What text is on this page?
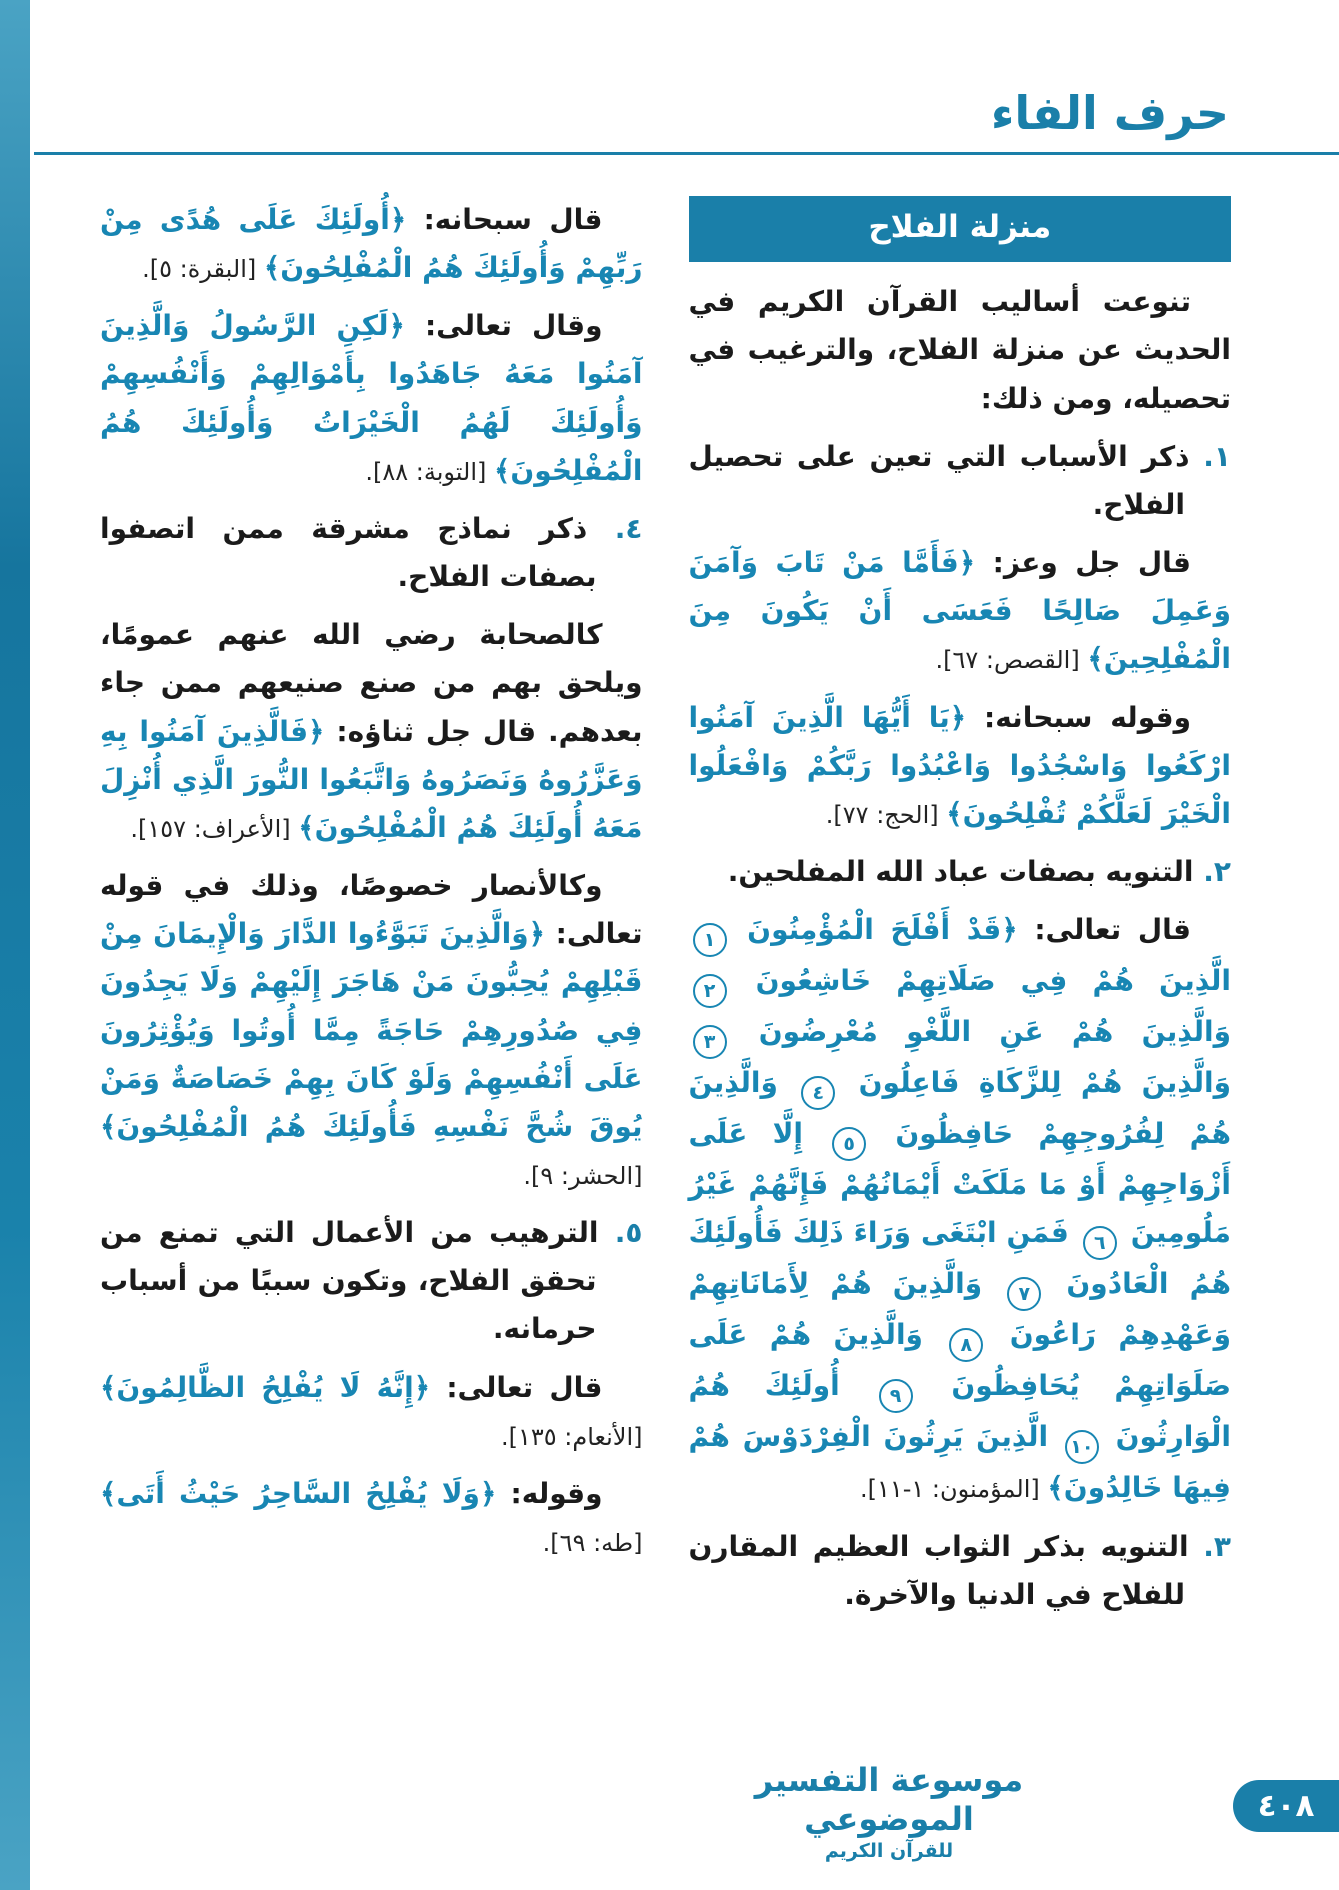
حرف الفاء
منزلة الفلاح

تنوعت أساليب القرآن الكريم في الحديث عن منزلة الفلاح، والترغيب في تحصيله، ومن ذلك:

١. ذكر الأسباب التي تعين على تحصيل الفلاح.

قال جل وعز: ﴿فَأَمَّا مَنْ تَابَ وَآمَنَ وَعَمِلَ صَالِحًا فَعَسَى أَنْ يَكُونَ مِنَ الْمُفْلِحِينَ﴾ [القصص: ٦٧].

وقوله سبحانه: ﴿يَا أَيُّهَا الَّذِينَ آمَنُوا ارْكَعُوا وَاسْجُدُوا وَاعْبُدُوا رَبَّكُمْ وَافْعَلُوا الْخَيْرَ لَعَلَّكُمْ تُفْلِحُونَ﴾ [الحج: ٧٧].

٢. التنويه بصفات عباد الله المفلحين.

قال تعالى: ﴿قَدْ أَفْلَحَ الْمُؤْمِنُونَ ١ الَّذِينَ هُمْ فِي صَلَاتِهِمْ خَاشِعُونَ ٢ وَالَّذِينَ هُمْ عَنِ اللَّغْوِ مُعْرِضُونَ ٣ وَالَّذِينَ هُمْ لِلزَّكَاةِ فَاعِلُونَ ٤ وَالَّذِينَ هُمْ لِفُرُوجِهِمْ حَافِظُونَ ٥ إِلَّا عَلَى أَزْوَاجِهِمْ أَوْ مَا مَلَكَتْ أَيْمَانُهُمْ فَإِنَّهُمْ غَيْرُ مَلُومِينَ ٦ فَمَنِ ابْتَغَى وَرَاءَ ذَلِكَ فَأُولَئِكَ هُمُ الْعَادُونَ ٧ وَالَّذِينَ هُمْ لِأَمَانَاتِهِمْ وَعَهْدِهِمْ رَاعُونَ ٨ وَالَّذِينَ هُمْ عَلَى صَلَوَاتِهِمْ يُحَافِظُونَ ٩ أُولَئِكَ هُمُ الْوَارِثُونَ ١٠ الَّذِينَ يَرِثُونَ الْفِرْدَوْسَ هُمْ فِيهَا خَالِدُونَ﴾ [المؤمنون: ١-١١].

٣. التنويه بذكر الثواب العظيم المقارن للفلاح في الدنيا والآخرة.

قال سبحانه: ﴿أُولَئِكَ عَلَى هُدًى مِنْ رَبِّهِمْ وَأُولَئِكَ هُمُ الْمُفْلِحُونَ﴾ [البقرة: ٥].

وقال تعالى: ﴿لَكِنِ الرَّسُولُ وَالَّذِينَ آمَنُوا مَعَهُ جَاهَدُوا بِأَمْوَالِهِمْ وَأَنْفُسِهِمْ وَأُولَئِكَ لَهُمُ الْخَيْرَاتُ وَأُولَئِكَ هُمُ الْمُفْلِحُونَ﴾ [التوبة: ٨٨].

٤. ذكر نماذج مشرقة ممن اتصفوا بصفات الفلاح.

كالصحابة رضي الله عنهم عمومًا، ويلحق بهم من صنع صنيعهم ممن جاء بعدهم. قال جل ثناؤه: ﴿فَالَّذِينَ آمَنُوا بِهِ وَعَزَّرُوهُ وَنَصَرُوهُ وَاتَّبَعُوا النُّورَ الَّذِي أُنْزِلَ مَعَهُ أُولَئِكَ هُمُ الْمُفْلِحُونَ﴾ [الأعراف: ١٥٧].

وكالأنصار خصوصًا، وذلك في قوله تعالى: ﴿وَالَّذِينَ تَبَوَّءُوا الدَّارَ وَالْإِيمَانَ مِنْ قَبْلِهِمْ يُحِبُّونَ مَنْ هَاجَرَ إِلَيْهِمْ وَلَا يَجِدُونَ فِي صُدُورِهِمْ حَاجَةً مِمَّا أُوتُوا وَيُؤْثِرُونَ عَلَى أَنْفُسِهِمْ وَلَوْ كَانَ بِهِمْ خَصَاصَةٌ وَمَنْ يُوقَ شُحَّ نَفْسِهِ فَأُولَئِكَ هُمُ الْمُفْلِحُونَ﴾ [الحشر: ٩].

٥. الترهيب من الأعمال التي تمنع من تحقق الفلاح، وتكون سببًا من أسباب حرمانه.

قال تعالى: ﴿إِنَّهُ لَا يُفْلِحُ الظَّالِمُونَ﴾ [الأنعام: ١٣٥].

وقوله: ﴿وَلَا يُفْلِحُ السَّاحِرُ حَيْثُ أَتَى﴾ [طه: ٦٩].

موسوعة التفسير الموضوعي
للقرآن الكريم
٤٠٨
